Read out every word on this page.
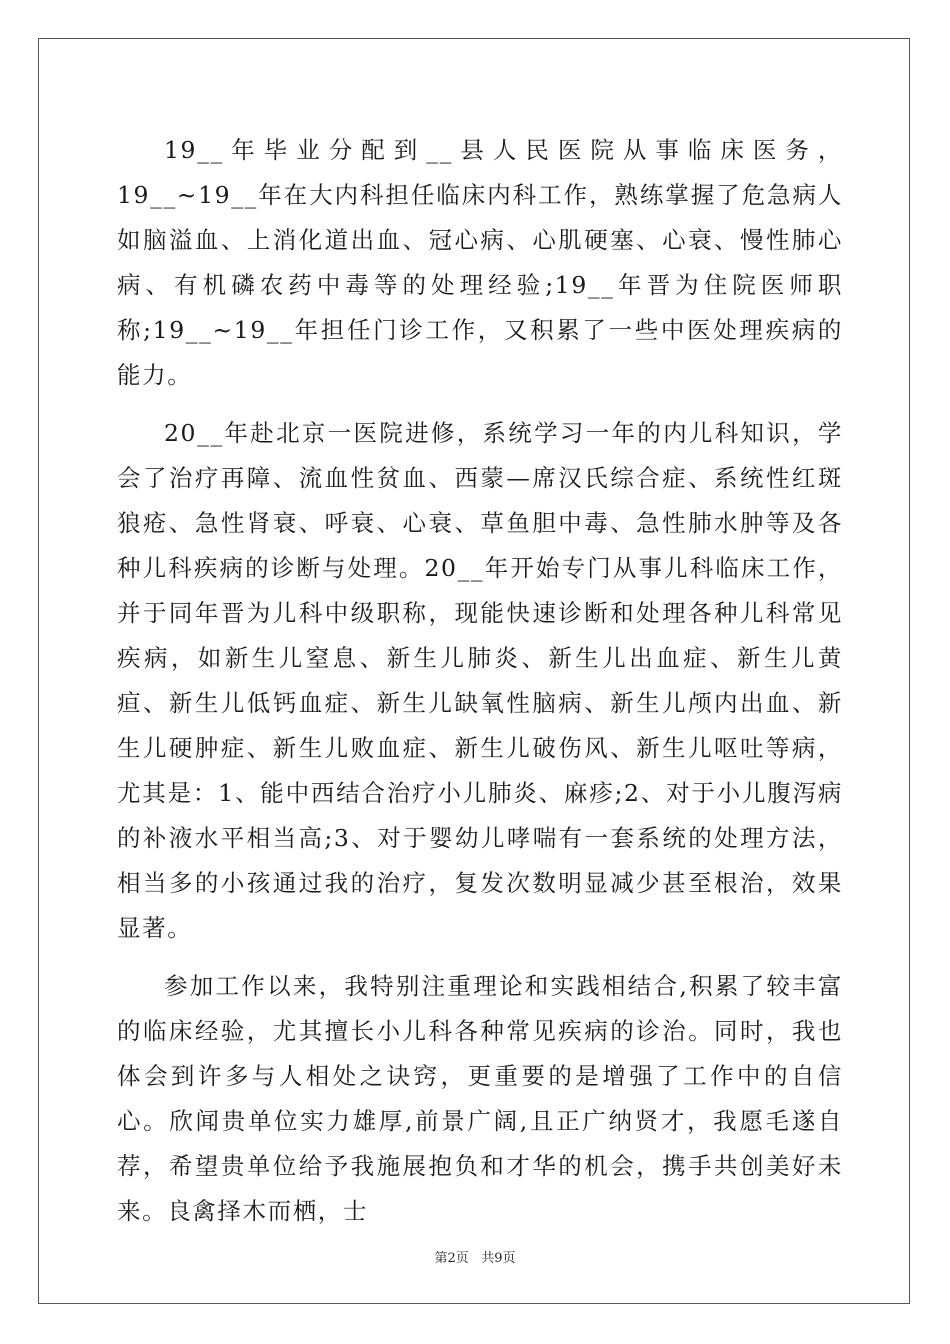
19__年毕业分配到__县人民医院从事临床医务，19__~19__年在大内科担任临床内科工作，熟练掌握了危急病人如脑溢血、上消化道出血、冠心病、心肌硬塞、心衰、慢性肺心病、有机磷农药中毒等的处理经验;19__年晋为住院医师职称;19__~19__年担任门诊工作，又积累了一些中医处理疾病的能力。

20__年赴北京一医院进修，系统学习一年的内儿科知识，学会了治疗再障、流血性贫血、西蒙—席汉氏综合症、系统性红斑狼疮、急性肾衰、呼衰、心衰、草鱼胆中毒、急性肺水肿等及各种儿科疾病的诊断与处理。20__年开始专门从事儿科临床工作，并于同年晋为儿科中级职称，现能快速诊断和处理各种儿科常见疾病，如新生儿窒息、新生儿肺炎、新生儿出血症、新生儿黄疸、新生儿低钙血症、新生儿缺氧性脑病、新生儿颅内出血、新生儿硬肿症、新生儿败血症、新生儿破伤风、新生儿呕吐等病，尤其是：1、能中西结合治疗小儿肺炎、麻疹;2、对于小儿腹泻病的补液水平相当高;3、对于婴幼儿哮喘有一套系统的处理方法，相当多的小孩通过我的治疗，复发次数明显减少甚至根治，效果显著。

参加工作以来，我特别注重理论和实践相结合,积累了较丰富的临床经验，尤其擅长小儿科各种常见疾病的诊治。同时，我也体会到许多与人相处之诀窍，更重要的是增强了工作中的自信心。欣闻贵单位实力雄厚,前景广阔,且正广纳贤才，我愿毛遂自荐，希望贵单位给予我施展抱负和才华的机会，携手共创美好未来。良禽择木而栖，士

第2页 共9页
